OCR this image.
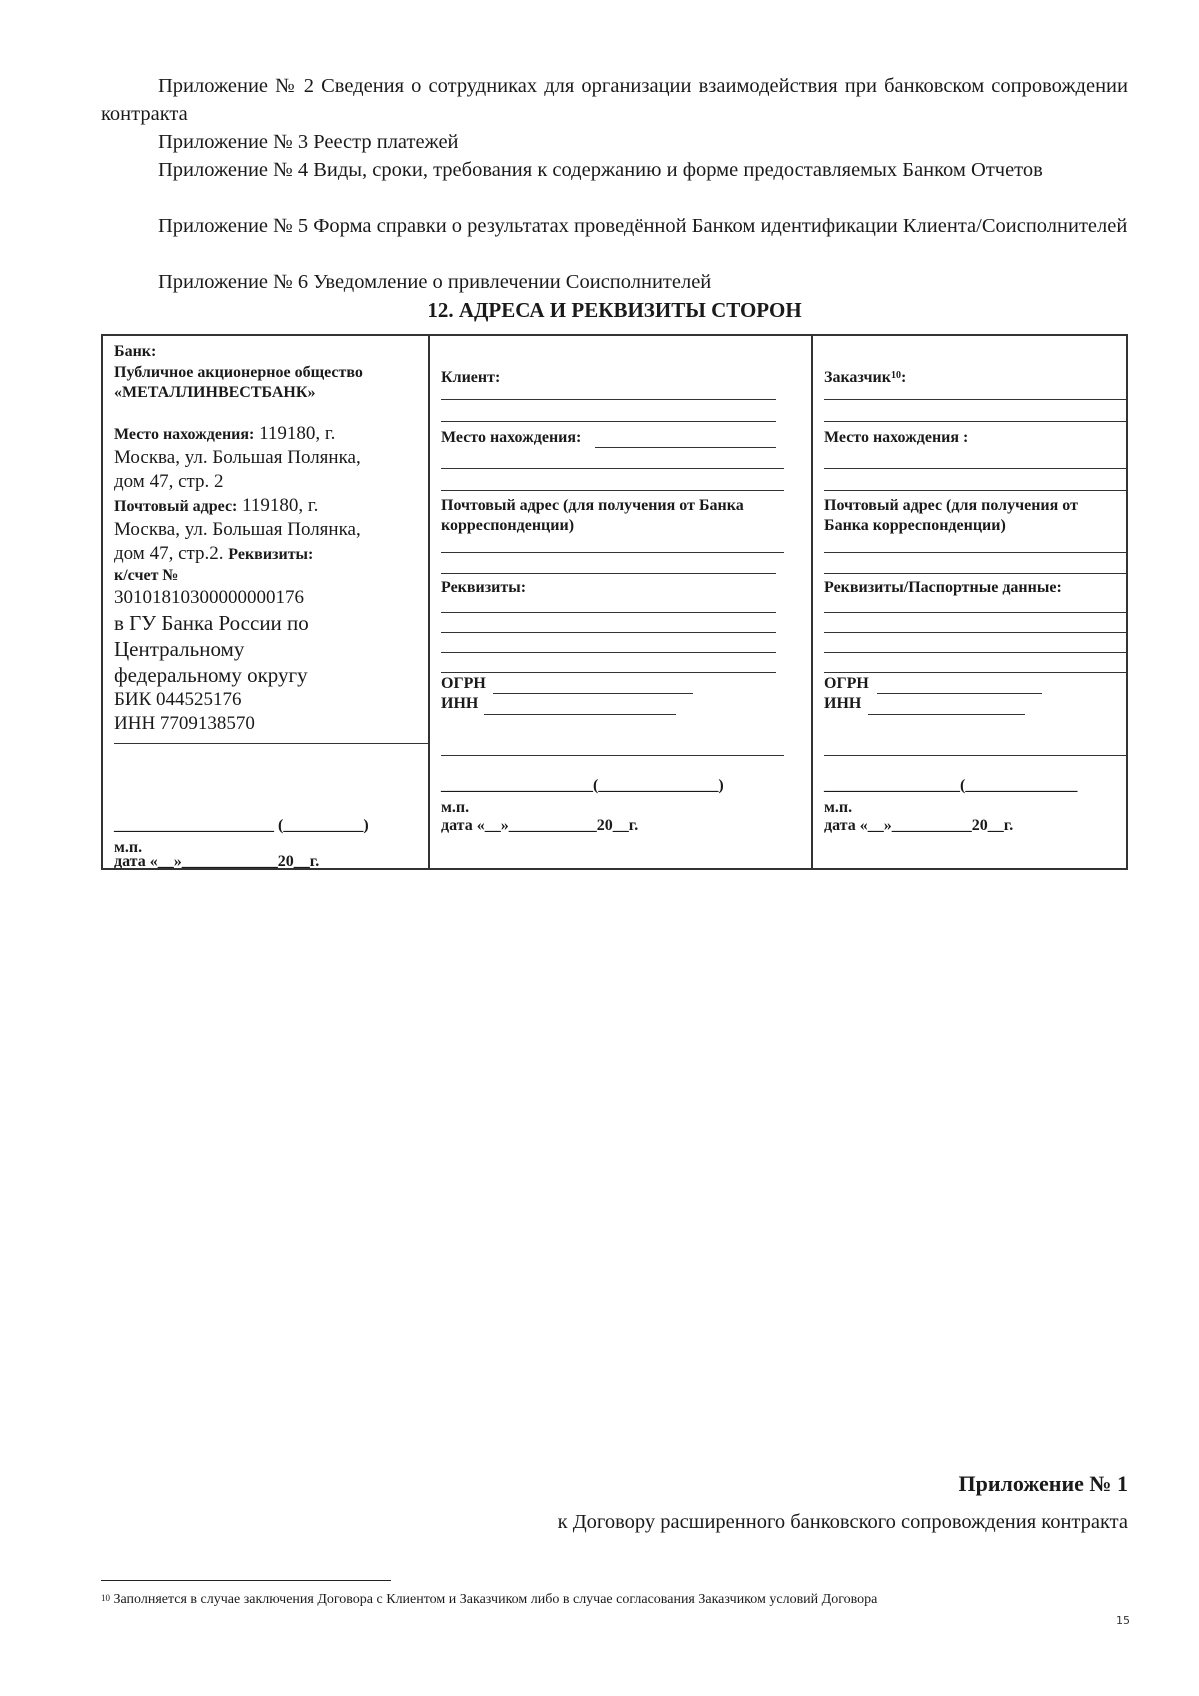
Приложение № 2 Сведения о сотрудниках для организации взаимодействия при банковском сопровождении контракта
Приложение № 3 Реестр платежей
Приложение № 4 Виды, сроки, требования к содержанию и форме предоставляемых Банком Отчетов
Приложение № 5 Форма справки о результатах проведённой Банком идентификации Клиента/Соисполнителей
Приложение № 6 Уведомление о привлечении Соисполнителей
12. АДРЕСА И РЕКВИЗИТЫ СТОРОН
Банк:
Публичное акционерное общество
«МЕТАЛЛИНВЕСТБАНК»
Место нахождения: 119180, г.
Москва, ул. Большая Полянка,
дом 47, стр. 2
Почтовый адрес: 119180, г.
Москва, ул. Большая Полянка,
дом 47, стр.2. Реквизиты:
к/счет №
30101810300000000176
в ГУ Банка России по
Центральному
федеральному округу
БИК 044525176
ИНН 7709138570
____________________ (__________)
м.п.
дата «__»____________20__г.
Клиент:
Место нахождения:
Почтовый адрес (для получения от Банка
корреспонденции)
Реквизиты:
ОГРН
ИНН
___________________(_______________)
м.п.
дата «__»___________20__г.
Заказчик$^{10}$:
Место нахождения :
Почтовый адрес (для получения от
Банка корреспонденции)
Реквизиты/Паспортные данные:
ОГРН
ИНН
_________________(______________
м.п.
дата «__»__________20__г.
Приложение № 1
к Договору расширенного банковского сопровождения контракта
$^{10}$ Заполняется в случае заключения Договора с Клиентом и Заказчиком либо в случае согласования Заказчиком условий Договора
15
